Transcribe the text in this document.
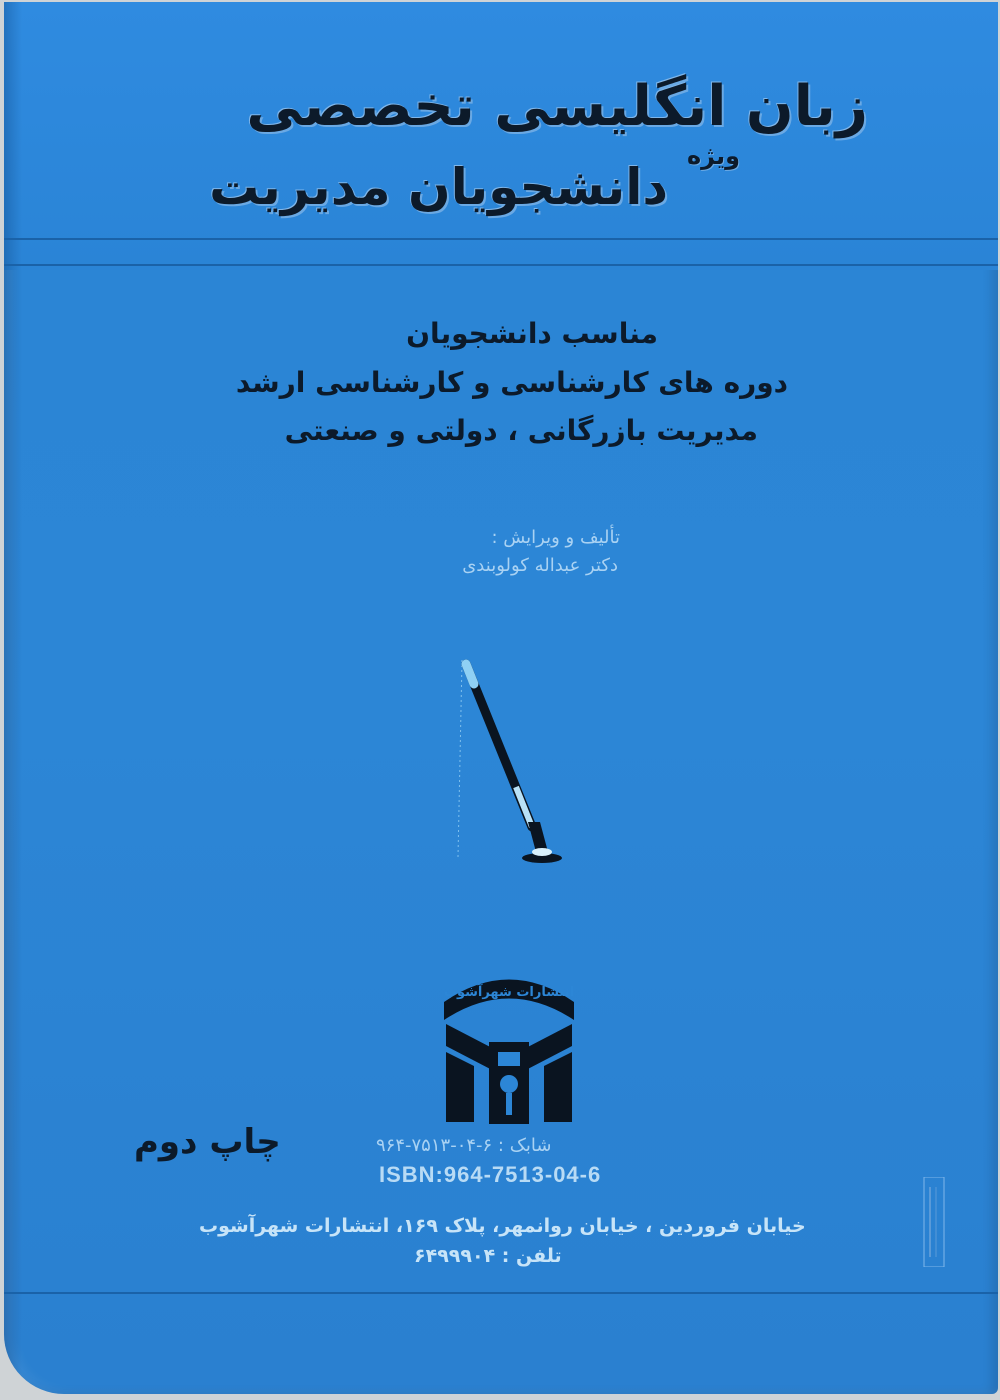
زبان انگلیسی تخصصی
ویژه
دانشجویان مدیریت
مناسب دانشجویان
دوره های کارشناسی و کارشناسی ارشد
مدیریت بازرگانی ، دولتی و صنعتی
تألیف و ویرایش :
دکتر عبداله کولوبندی
انتشارات شهرآشوب
چاپ دوم	شابک : ۶-۰۴-۷۵۱۳-۹۶۴
ISBN:964-7513-04-6
خیابان فروردین ، خیابان روانمهر، پلاک ۱۶۹، انتشارات شهرآشوب
تلفن : ۶۴۹۹۹۰۴
